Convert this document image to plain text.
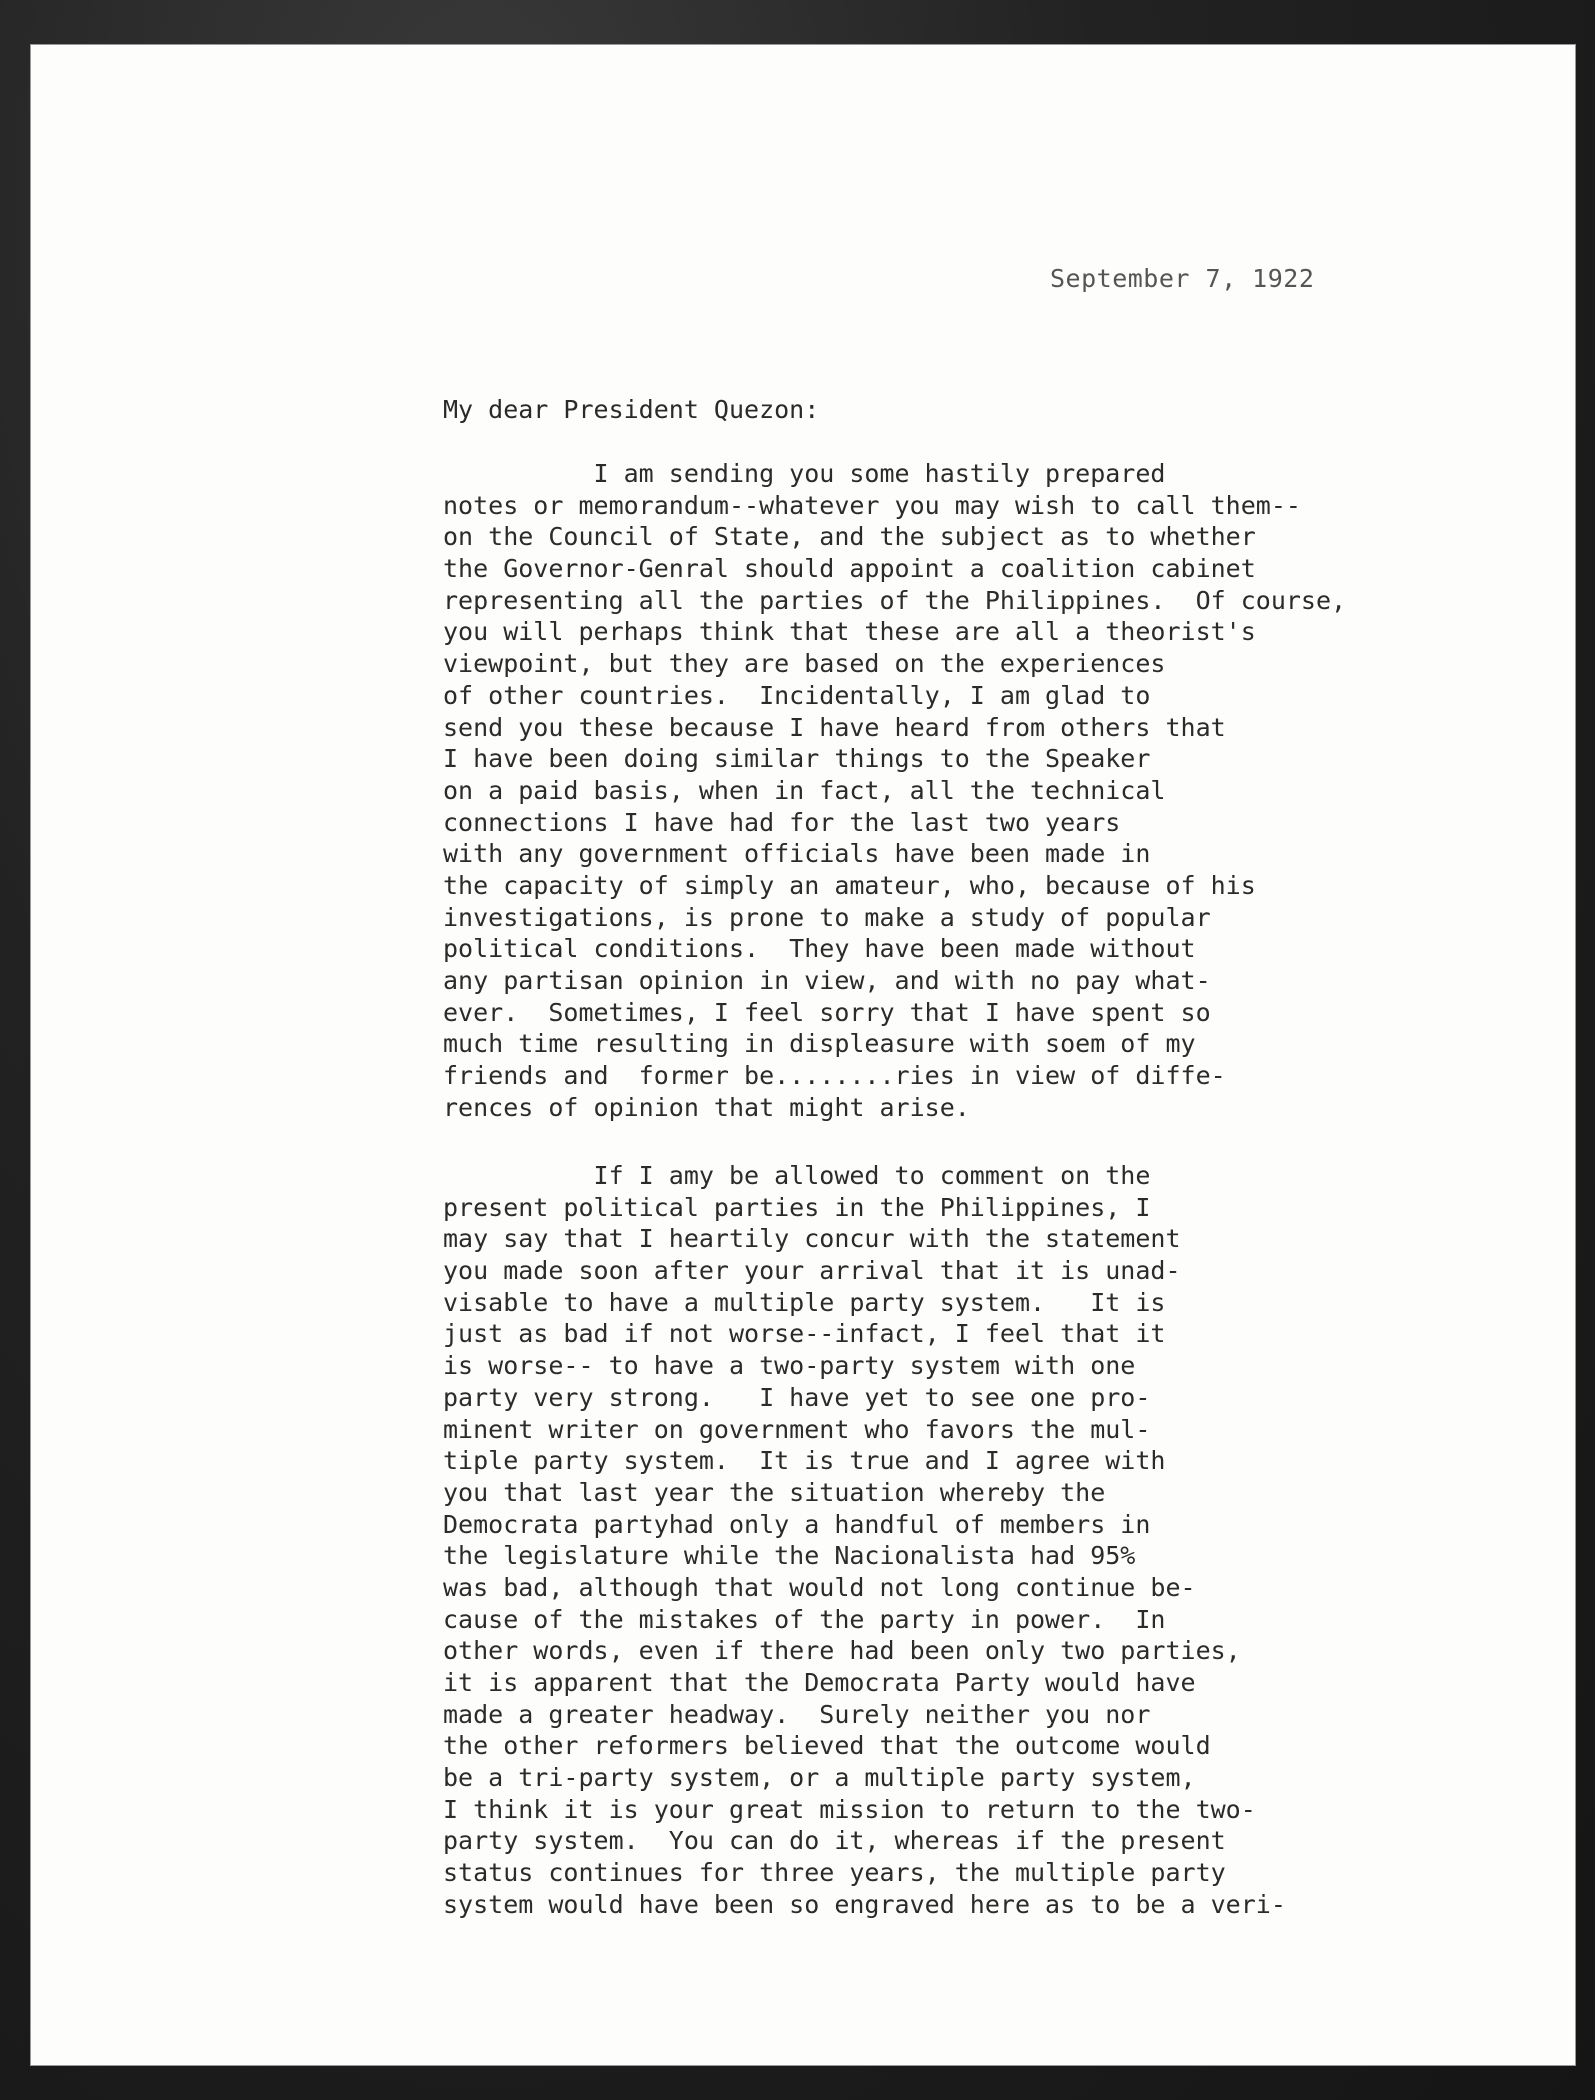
September 7, 1922
My dear President Quezon:
I am sending you some hastily prepared
notes or memorandum--whatever you may wish to call them--
on the Council of State, and the subject as to whether
the Governor-Genral should appoint a coalition cabinet
representing all the parties of the Philippines.  Of course,
you will perhaps think that these are all a theorist's
viewpoint, but they are based on the experiences
of other countries.  Incidentally, I am glad to
send you these because I have heard from others that
I have been doing similar things to the Speaker
on a paid basis, when in fact, all the technical
connections I have had for the last two years
with any government officials have been made in
the capacity of simply an amateur, who, because of his
investigations, is prone to make a study of popular
political conditions.  They have been made without
any partisan opinion in view, and with no pay what-
ever.  Sometimes, I feel sorry that I have spent so
much time resulting in displeasure with soem of my
friends and  former be........ries in view of diffe-
rences of opinion that might arise.
If I amy be allowed to comment on the
present political parties in the Philippines, I
may say that I heartily concur with the statement
you made soon after your arrival that it is unad-
visable to have a multiple party system.   It is
just as bad if not worse--infact, I feel that it
is worse-- to have a two-party system with one
party very strong.   I have yet to see one pro-
minent writer on government who favors the mul-
tiple party system.  It is true and I agree with
you that last year the situation whereby the
Democrata partyhad only a handful of members in
the legislature while the Nacionalista had 95%
was bad, although that would not long continue be-
cause of the mistakes of the party in power.  In
other words, even if there had been only two parties,
it is apparent that the Democrata Party would have
made a greater headway.  Surely neither you nor
the other reformers believed that the outcome would
be a tri-party system, or a multiple party system,
I think it is your great mission to return to the two-
party system.  You can do it, whereas if the present
status continues for three years, the multiple party
system would have been so engraved here as to be a veri-
